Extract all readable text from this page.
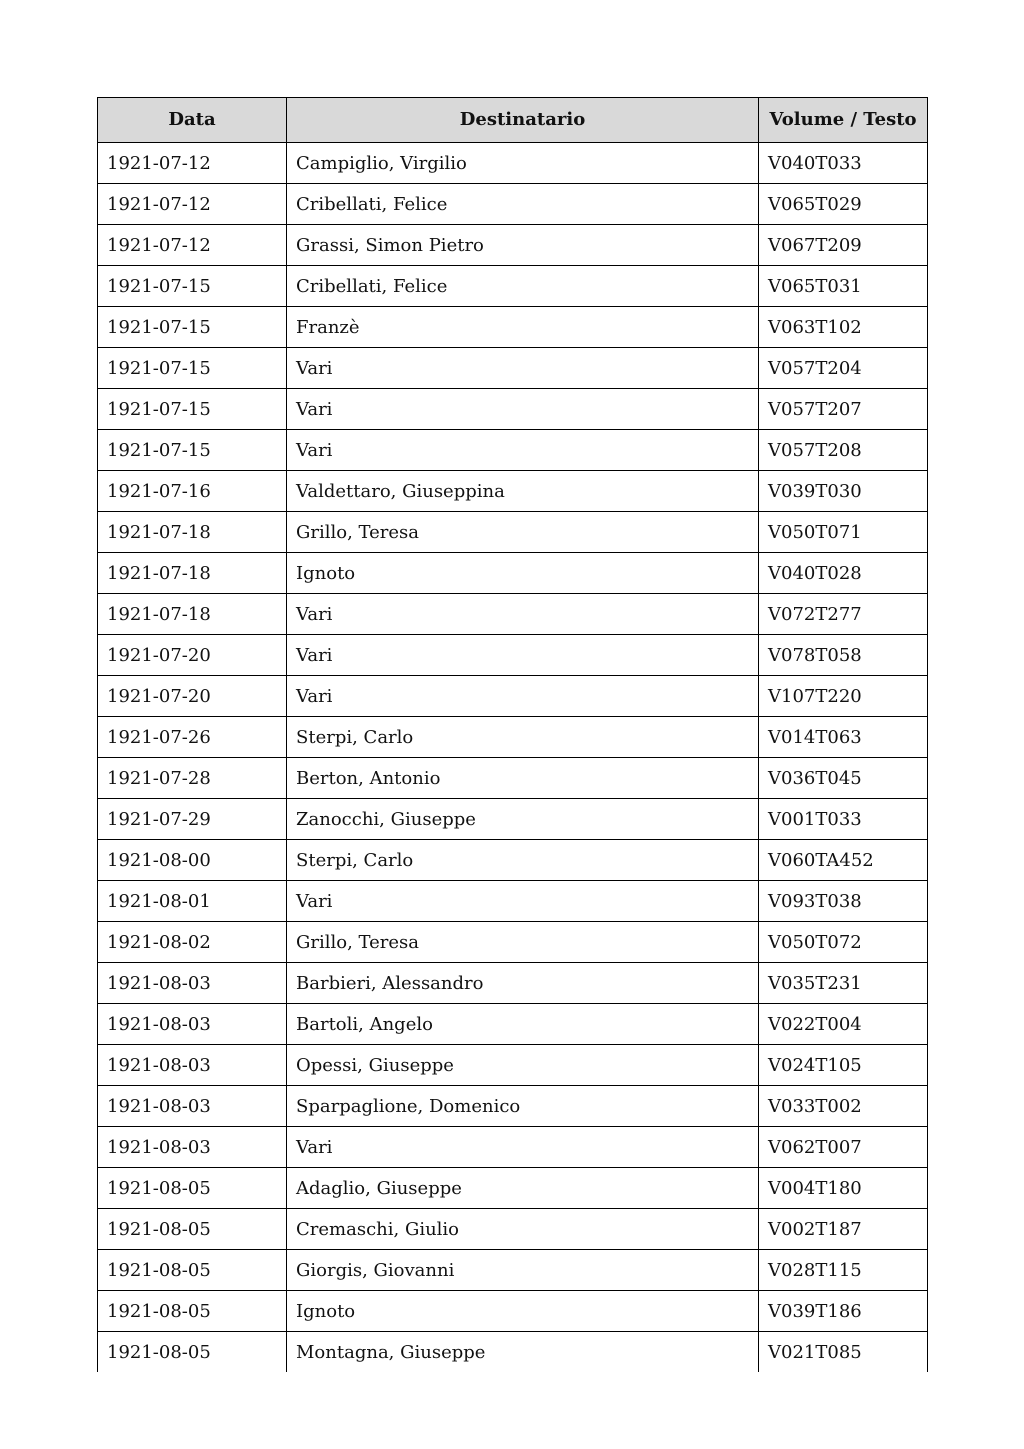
Data	Destinatario	Volume / Testo
1921-07-12	Campiglio, Virgilio	V040T033
1921-07-12	Cribellati, Felice	V065T029
1921-07-12	Grassi, Simon Pietro	V067T209
1921-07-15	Cribellati, Felice	V065T031
1921-07-15	Franzè	V063T102
1921-07-15	Vari	V057T204
1921-07-15	Vari	V057T207
1921-07-15	Vari	V057T208
1921-07-16	Valdettaro, Giuseppina	V039T030
1921-07-18	Grillo, Teresa	V050T071
1921-07-18	Ignoto	V040T028
1921-07-18	Vari	V072T277
1921-07-20	Vari	V078T058
1921-07-20	Vari	V107T220
1921-07-26	Sterpi, Carlo	V014T063
1921-07-28	Berton, Antonio	V036T045
1921-07-29	Zanocchi, Giuseppe	V001T033
1921-08-00	Sterpi, Carlo	V060TA452
1921-08-01	Vari	V093T038
1921-08-02	Grillo, Teresa	V050T072
1921-08-03	Barbieri, Alessandro	V035T231
1921-08-03	Bartoli, Angelo	V022T004
1921-08-03	Opessi, Giuseppe	V024T105
1921-08-03	Sparpaglione, Domenico	V033T002
1921-08-03	Vari	V062T007
1921-08-05	Adaglio, Giuseppe	V004T180
1921-08-05	Cremaschi, Giulio	V002T187
1921-08-05	Giorgis, Giovanni	V028T115
1921-08-05	Ignoto	V039T186
1921-08-05	Montagna, Giuseppe	V021T085
